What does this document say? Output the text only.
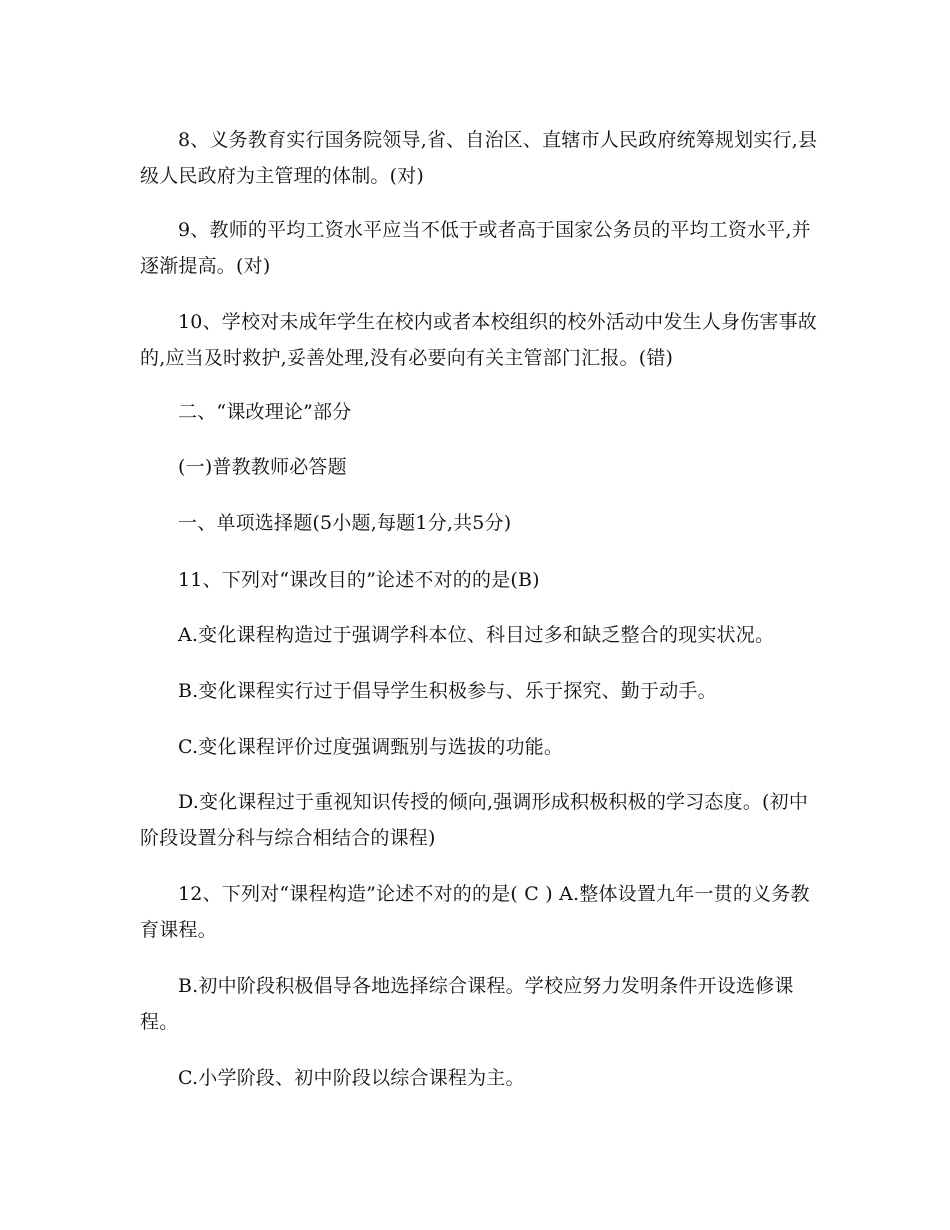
8、义务教育实行国务院领导,省、自治区、直辖市人民政府统筹规划实行,县级人民政府为主管理的体制。(对)

9、教师的平均工资水平应当不低于或者高于国家公务员的平均工资水平,并逐渐提高。(对)

10、学校对未成年学生在校内或者本校组织的校外活动中发生人身伤害事故的,应当及时救护,妥善处理,没有必要向有关主管部门汇报。(错)

二、“课改理论”部分

(一)普教教师必答题

一、单项选择题(5小题,每题1分,共5分)

11、下列对“课改目的”论述不对的的是(B)

A.变化课程构造过于强调学科本位、科目过多和缺乏整合的现实状况。

B.变化课程实行过于倡导学生积极参与、乐于探究、勤于动手。

C.变化课程评价过度强调甄别与选拔的功能。

D.变化课程过于重视知识传授的倾向,强调形成积极积极的学习态度。(初中阶段设置分科与综合相结合的课程)

12、下列对“课程构造”论述不对的的是( C ) A.整体设置九年一贯的义务教育课程。

B.初中阶段积极倡导各地选择综合课程。学校应努力发明条件开设选修课程。

C.小学阶段、初中阶段以综合课程为主。
